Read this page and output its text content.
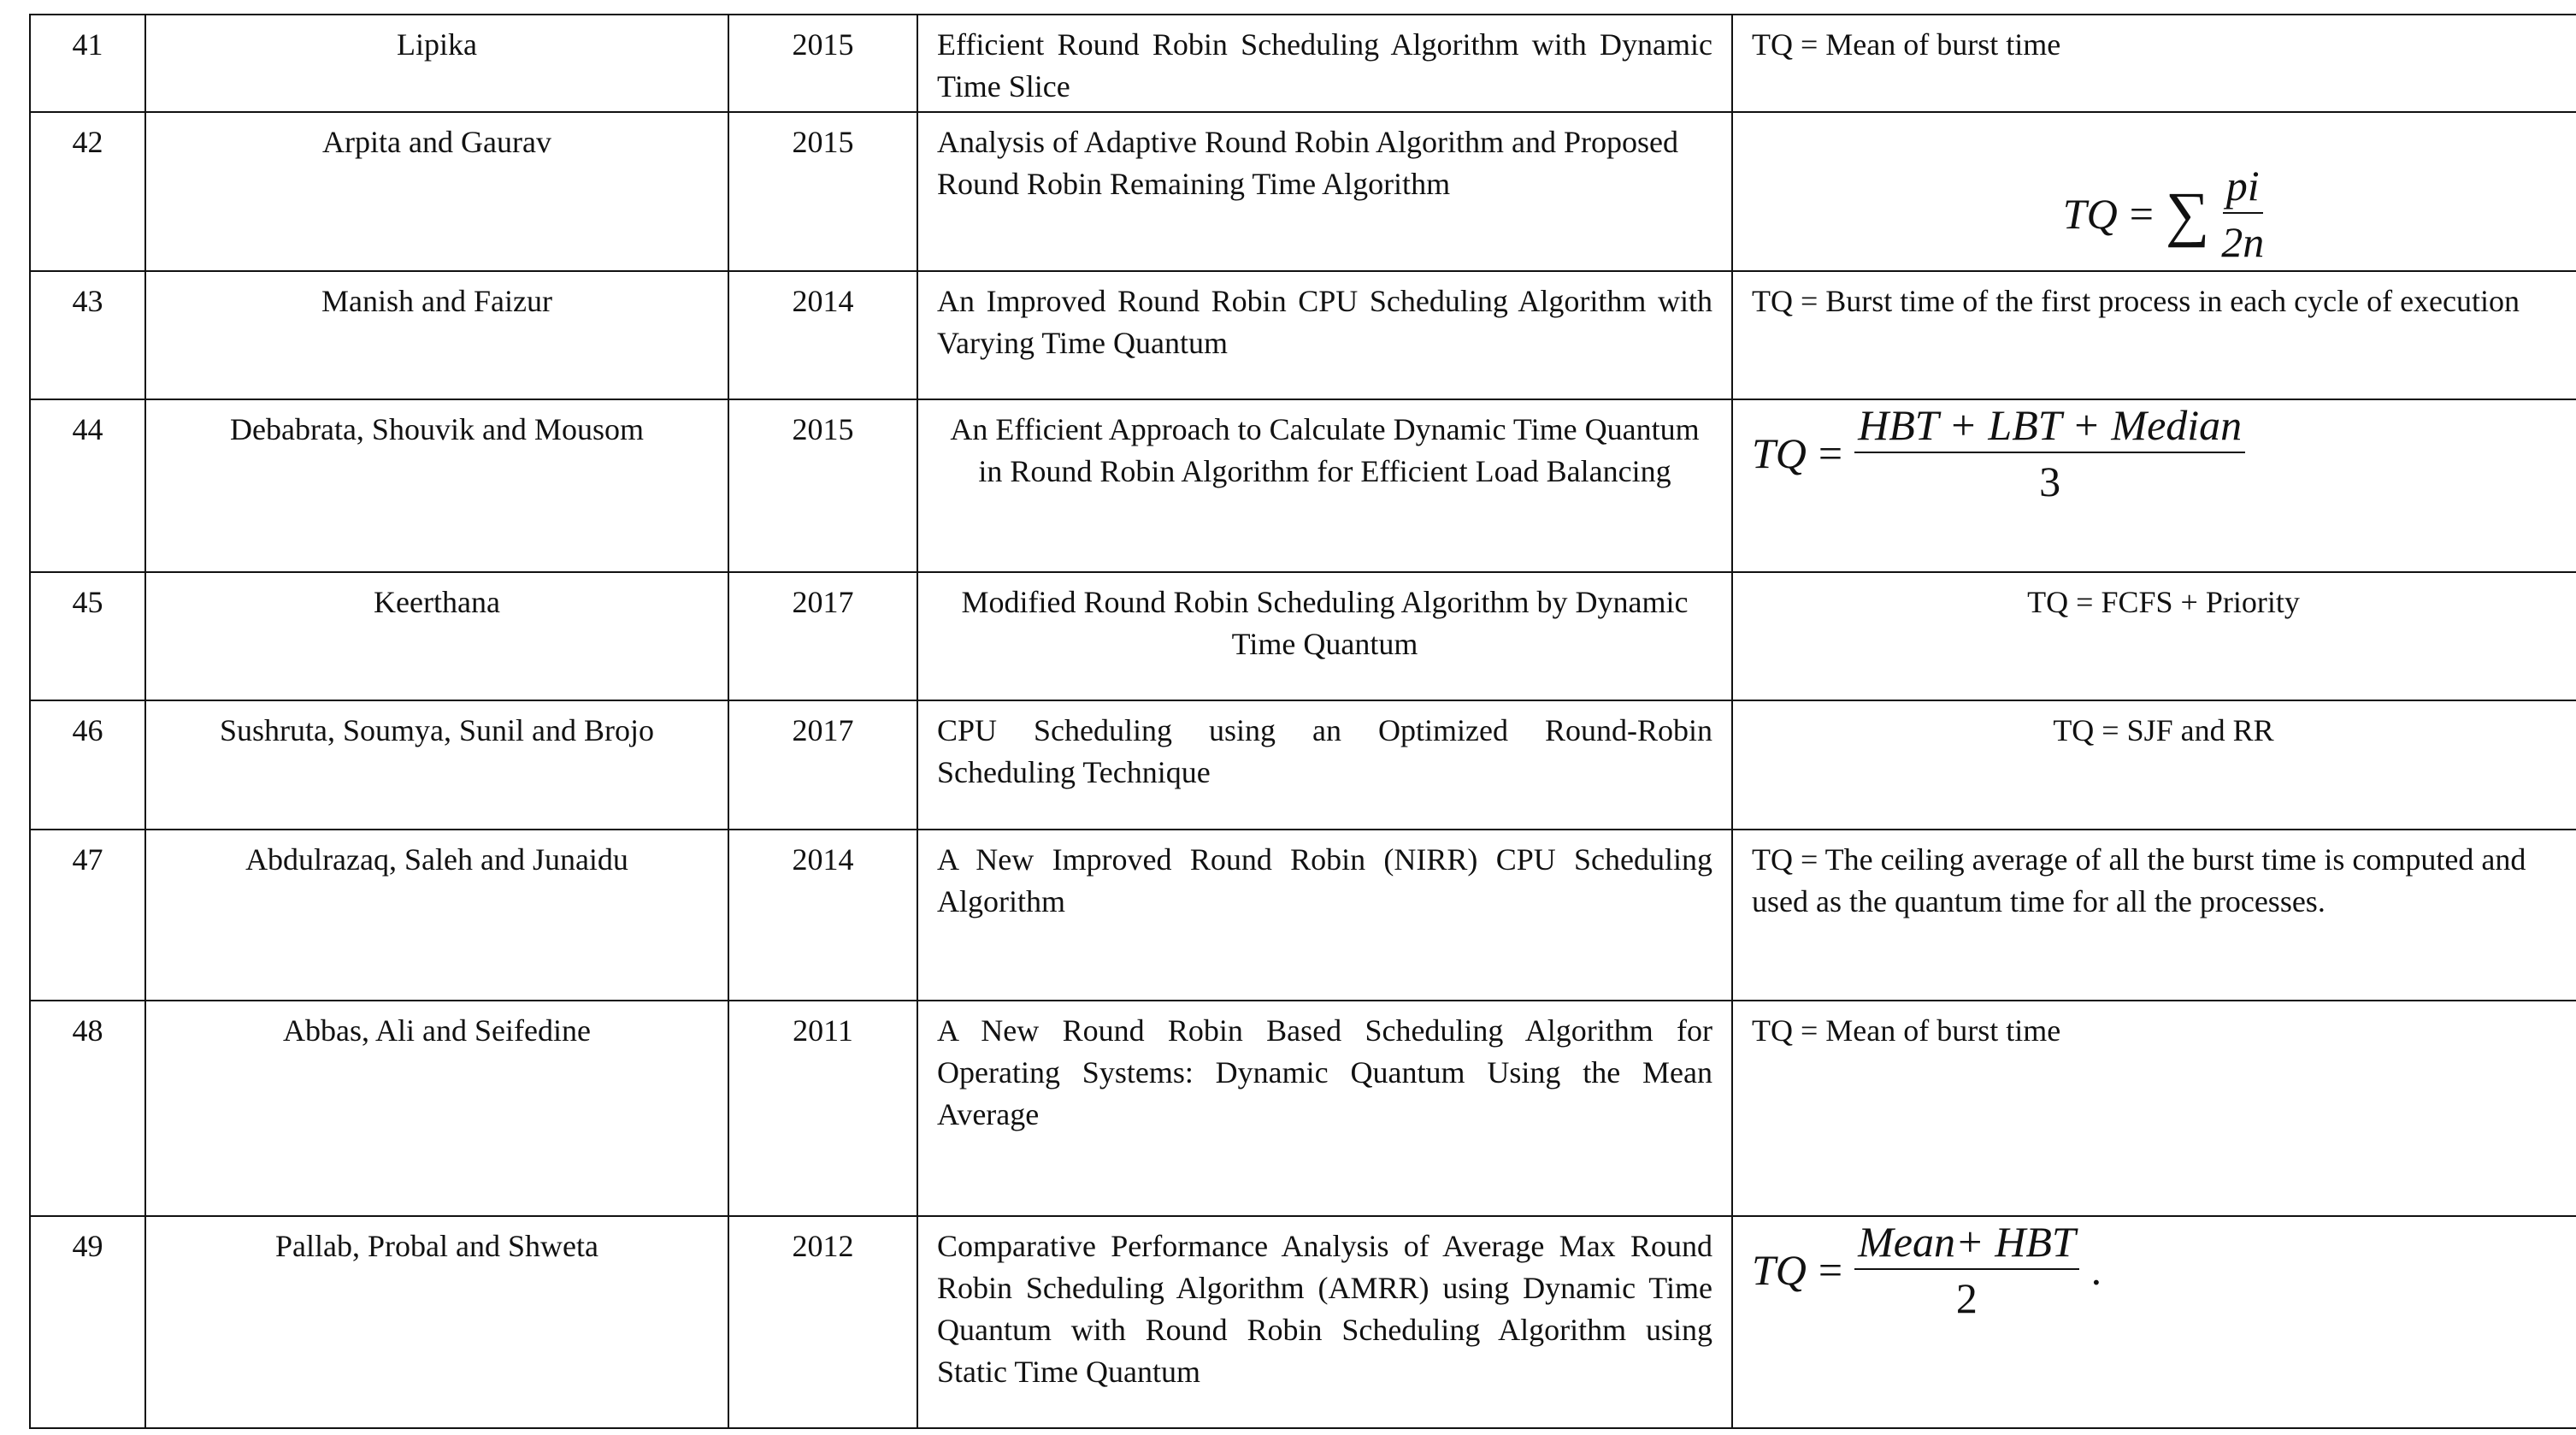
41	Lipika	2015	Efficient Round Robin Scheduling Algorithm with Dynamic Time Slice	TQ = Mean of burst time
42	Arpita and Gaurav	2015	Analysis of Adaptive Round Robin Algorithm and Proposed Round Robin Remaining Time Algorithm	TQ = ∑ $\frac{pi}{2n}$

43	Manish and Faizur	2014	An Improved Round Robin CPU Scheduling Algorithm with Varying Time Quantum	TQ = Burst time of the first process in each cycle of execution
44	Debabrata, Shouvik and Mousom	2015	An Efficient Approach to Calculate Dynamic Time Quantum in Round Robin Algorithm for Efficient Load Balancing	TQ = $\frac{\text{HBT + LBT + Median}}{3}$

45	Keerthana	2017	Modified Round Robin Scheduling Algorithm by Dynamic Time Quantum	TQ = FCFS + Priority
46	Sushruta, Soumya, Sunil and Brojo	2017	CPU Scheduling using an Optimized Round-Robin Scheduling Technique	TQ = SJF and RR
47	Abdulrazaq, Saleh and Junaidu	2014	A New Improved Round Robin (NIRR) CPU Scheduling Algorithm	TQ = The ceiling average of all the burst time is computed and used as the quantum time for all the processes.
48	Abbas, Ali and Seifedine	2011	A New Round Robin Based Scheduling Algorithm for Operating Systems: Dynamic Quantum Using the Mean Average	TQ = Mean of burst time
49	Pallab, Probal and Shweta	2012	Comparative Performance Analysis of Average Max Round Robin Scheduling Algorithm (AMRR) using Dynamic Time Quantum with Round Robin Scheduling Algorithm using Static Time Quantum	TQ = $\frac{\text{Mean+ HBT}}{2}$ .
